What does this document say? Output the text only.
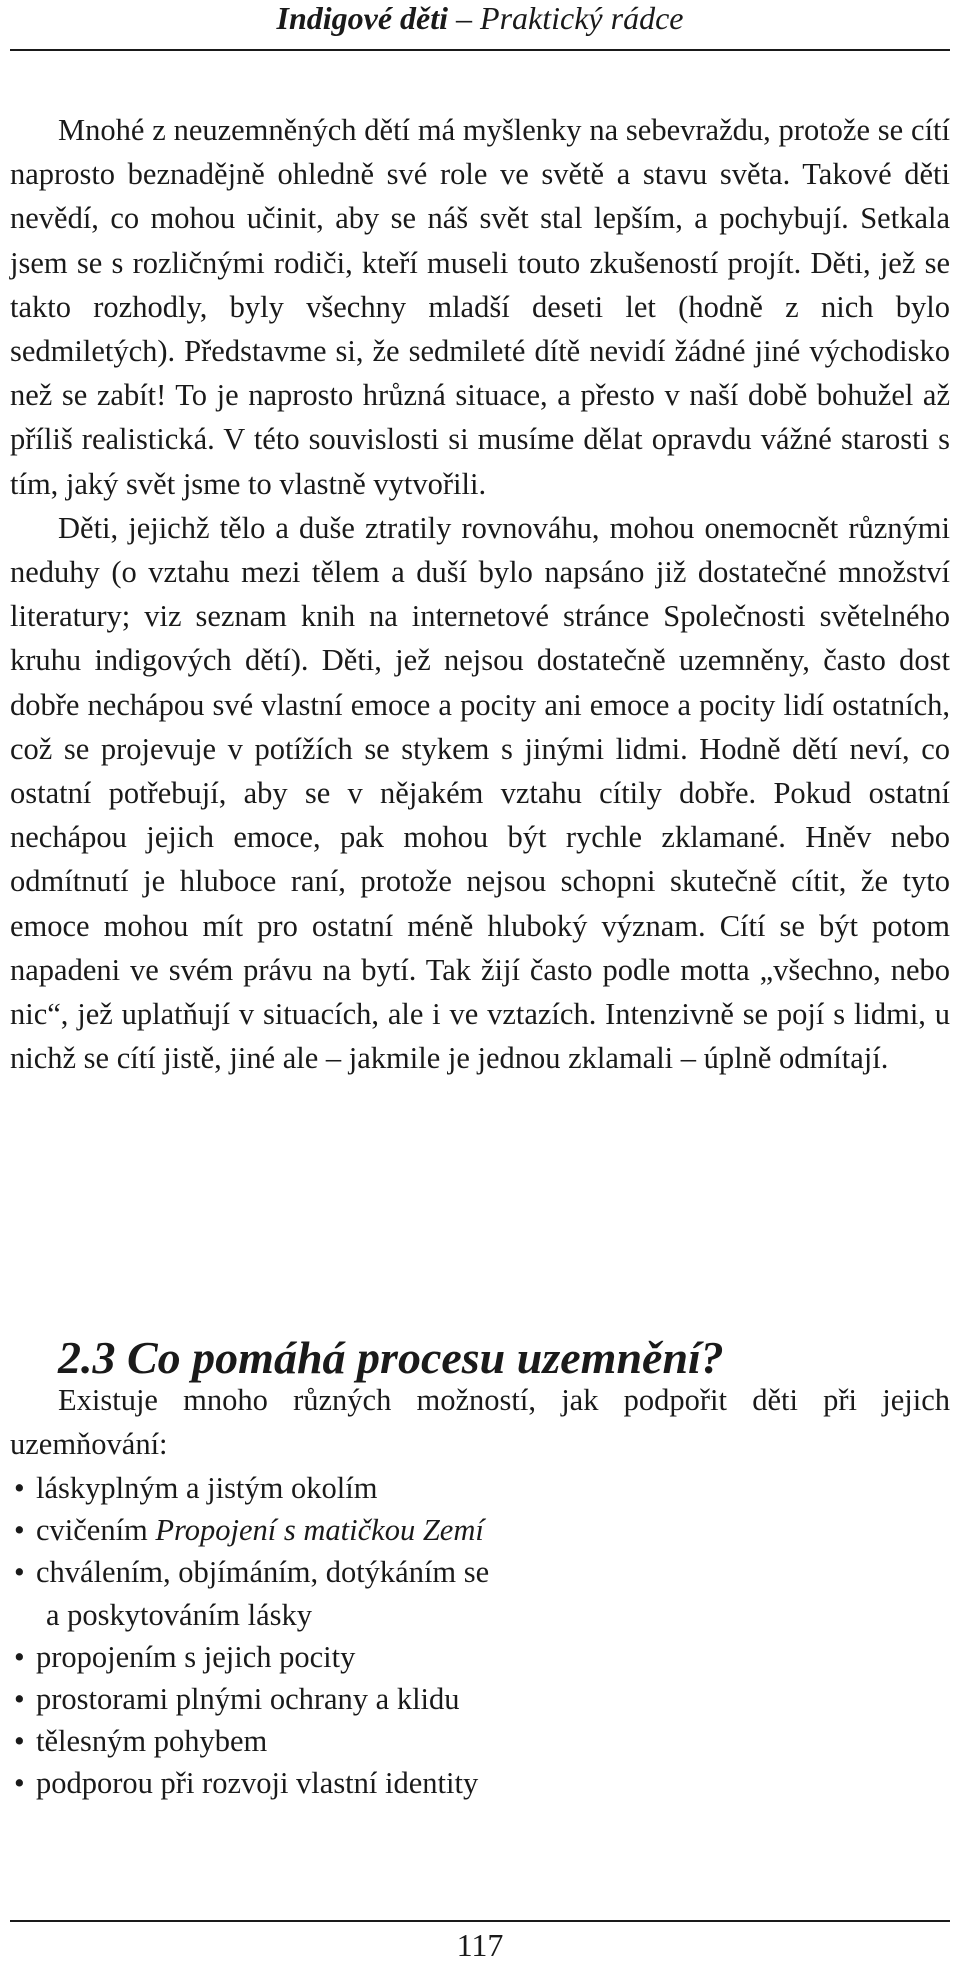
Indigové děti – Praktický rádce

Mnohé z neuzemněných dětí má myšlenky na sebevraždu, protože se cítí naprosto beznadějně ohledně své role ve světě a stavu světa. Takové děti nevědí, co mohou učinit, aby se náš svět stal lepším, a pochybují. Setkala jsem se s rozličnými rodiči, kteří museli touto zkušeností projít. Děti, jež se takto rozhodly, byly všechny mladší deseti let (hodně z nich bylo sedmiletých). Představme si, že sedmileté dítě nevidí žádné jiné východisko než se zabít! To je naprosto hrůzná situace, a přesto v naší době bohužel až příliš realistická. V této souvislosti si musíme dělat opravdu vážné starosti s tím, jaký svět jsme to vlastně vytvořili.

Děti, jejichž tělo a duše ztratily rovnováhu, mohou onemocnět různými neduhy (o vztahu mezi tělem a duší bylo napsáno již dostatečné množství literatury; viz seznam knih na internetové stránce Společnosti světelného kruhu indigových dětí). Děti, jež nejsou dostatečně uzemněny, často dost dobře nechápou své vlastní emoce a pocity ani emoce a pocity lidí ostatních, což se projevuje v potížích se stykem s jinými lidmi. Hodně dětí neví, co ostatní potřebují, aby se v nějakém vztahu cítily dobře. Pokud ostatní nechápou jejich emoce, pak mohou být rychle zklamané. Hněv nebo odmítnutí je hluboce raní, protože nejsou schopni skutečně cítit, že tyto emoce mohou mít pro ostatní méně hluboký význam. Cítí se být potom napadeni ve svém právu na bytí. Tak žijí často podle motta „všechno, nebo nic“, jež uplatňují v situacích, ale i ve vztazích. Intenzivně se pojí s lidmi, u nichž se cítí jistě, jiné ale – jakmile je jednou zklamali – úplně odmítají.

2.3 Co pomáhá procesu uzemnění?

Existuje mnoho různých možností, jak podpořit děti při jejich uzemňování:

• láskyplným a jistým okolím
• cvičením Propojení s matičkou Zemí
• chválením, objímáním, dotýkáním se
a poskytováním lásky
• propojením s jejich pocity
• prostorami plnými ochrany a klidu
• tělesným pohybem
• podporou při rozvoji vlastní identity
117
